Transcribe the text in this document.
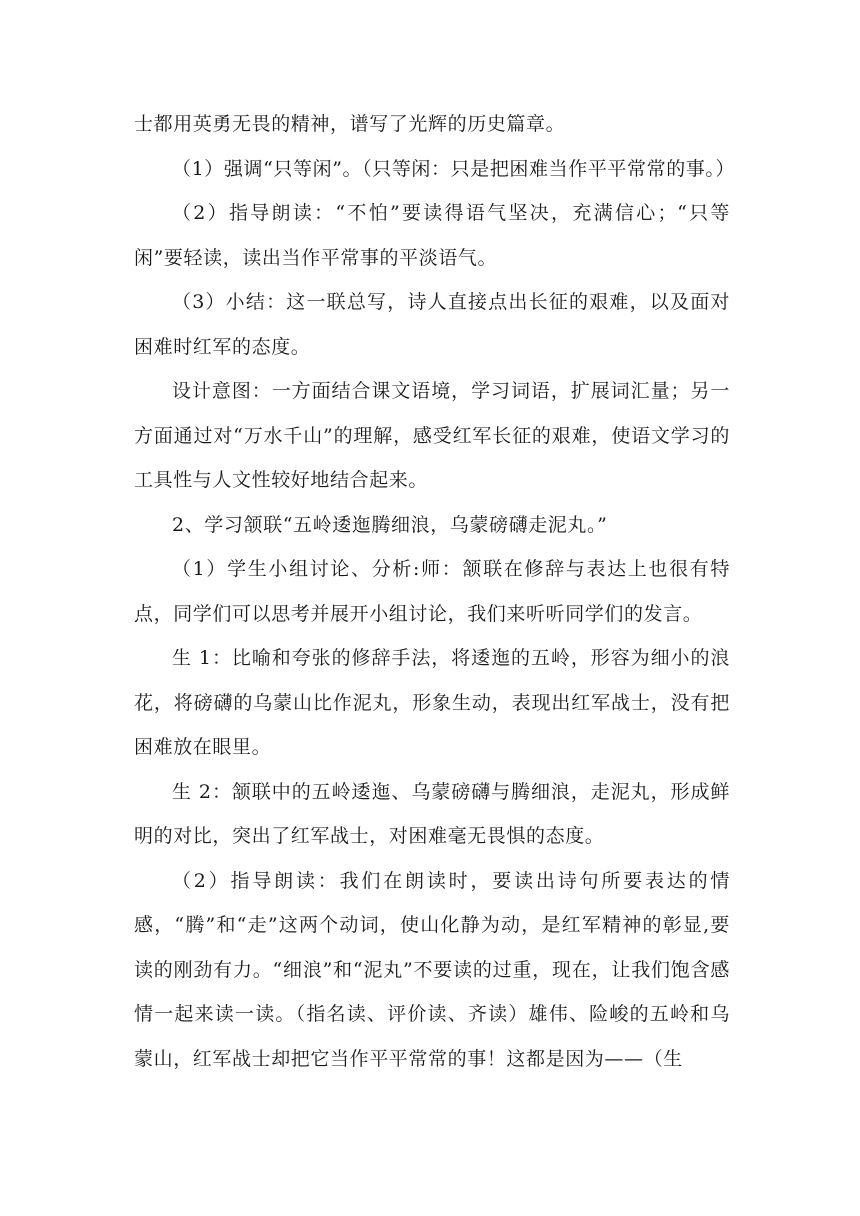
士都用英勇无畏的精神，谱写了光辉的历史篇章。

（1）强调“只等闲”。（只等闲：只是把困难当作平平常常的事。）

（2）指导朗读：“不怕”要读得语气坚决，充满信心；“只等闲”要轻读，读出当作平常事的平淡语气。

（3）小结：这一联总写，诗人直接点出长征的艰难，以及面对困难时红军的态度。

设计意图：一方面结合课文语境，学习词语，扩展词汇量；另一方面通过对“万水千山”的理解，感受红军长征的艰难，使语文学习的工具性与人文性较好地结合起来。

2、学习颔联“五岭逶迤腾细浪，乌蒙磅礴走泥丸。”

（1）学生小组讨论、分析:师：颔联在修辞与表达上也很有特点，同学们可以思考并展开小组讨论，我们来听听同学们的发言。

生 1：比喻和夸张的修辞手法，将逶迤的五岭，形容为细小的浪花，将磅礴的乌蒙山比作泥丸，形象生动，表现出红军战士，没有把困难放在眼里。

生 2：颔联中的五岭逶迤、乌蒙磅礴与腾细浪，走泥丸，形成鲜明的对比，突出了红军战士，对困难毫无畏惧的态度。

（2）指导朗读：我们在朗读时，要读出诗句所要表达的情感，“腾”和“走”这两个动词，使山化静为动，是红军精神的彰显,要读的刚劲有力。“细浪”和“泥丸”不要读的过重，现在，让我们饱含感情一起来读一读。（指名读、评价读、齐读）雄伟、险峻的五岭和乌蒙山，红军战士却把它当作平平常常的事！这都是因为——（生
